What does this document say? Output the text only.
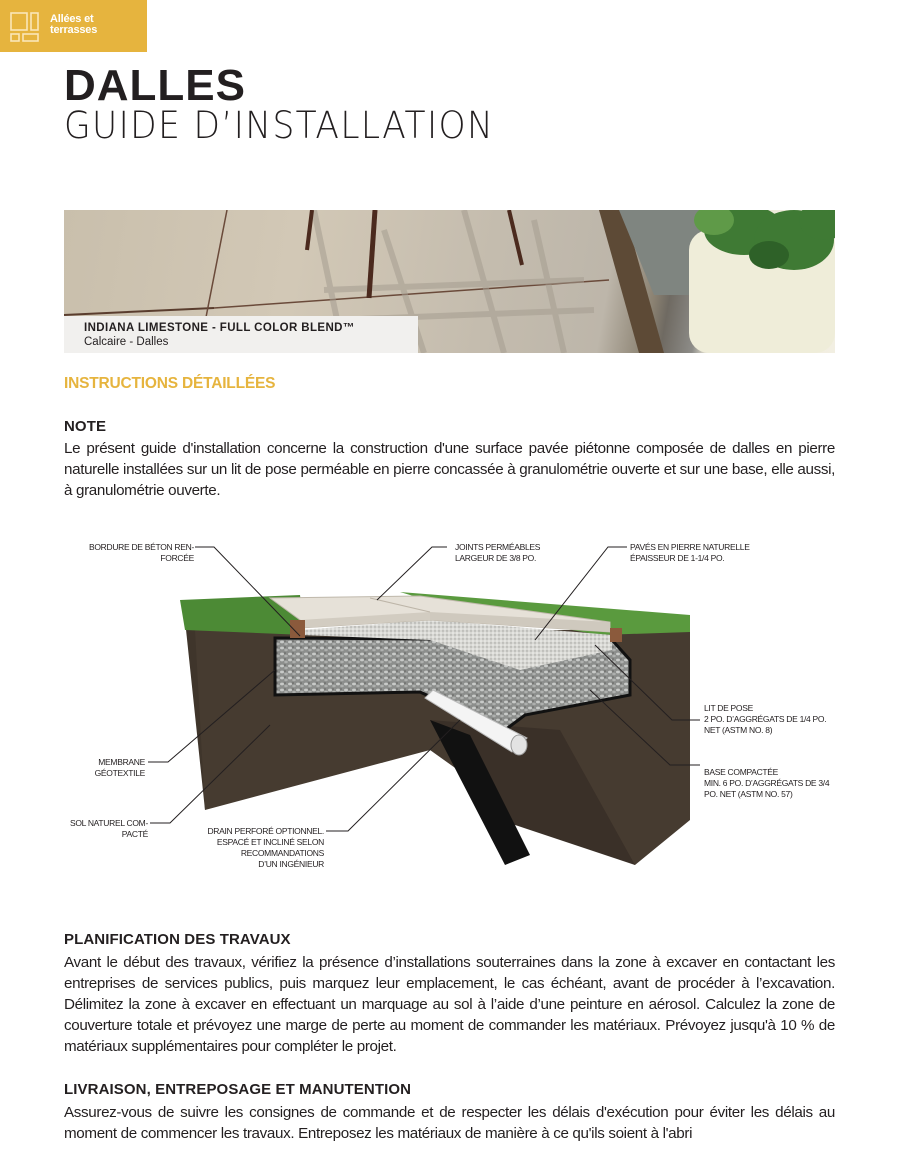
Allées et
terrasses
DALLES
GUIDE D’INSTALLATION
INDIANA LIMESTONE - FULL COLOR BLEND™
Calcaire - Dalles
INSTRUCTIONS DÉTAILLÉES
NOTE
Le présent guide d'installation concerne la construction d'une surface pavée piétonne composée de dalles en pierre naturelle installées sur un lit de pose perméable en pierre concassée à granulométrie ouverte et sur une base, elle aussi, à granulométrie ouverte.
BORDURE DE BÉTON REN-
FORCÉE
JOINTS PERMÉABLES
LARGEUR DE 3/8 PO.
PAVÉS EN PIERRE NATURELLE
ÉPAISSEUR DE 1-1/4 PO.
LIT DE POSE
2 PO. D’AGGRÉGATS DE 1/4 PO.
NET (ASTM NO. 8)
BASE COMPACTÉE
MIN. 6 PO. D’AGGRÉGATS DE 3/4
PO. NET (ASTM NO. 57)
MEMBRANE
GÉOTEXTILE
SOL NATUREL COM-
PACTÉ	DRAIN PERFORÉ OPTIONNEL.
ESPACÉ ET INCLINÉ SELON
RECOMMANDATIONS
D’UN INGÉNIEUR
PLANIFICATION DES TRAVAUX
Avant le début des travaux, vérifiez la présence d’installations souterraines dans la zone à excaver en contactant les entreprises de services publics, puis marquez leur emplacement, le cas échéant, avant de procéder à l’excavation. Délimitez la zone à excaver en effectuant un marquage au sol à l’aide d’une peinture en aérosol. Calculez la zone de couverture totale et prévoyez une marge de perte au moment de commander les matériaux. Prévoyez jusqu'à 10 % de matériaux supplémentaires pour compléter le projet.
LIVRAISON, ENTREPOSAGE ET MANUTENTION
Assurez-vous de suivre les consignes de commande et de respecter les délais d'exécution pour éviter les délais au moment de commencer les travaux. Entreposez les matériaux de manière à ce qu'ils soient à l'abri
